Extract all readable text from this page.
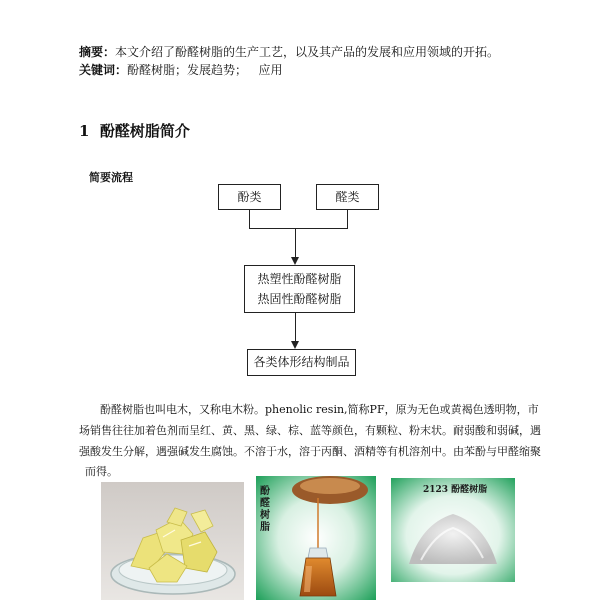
摘要：本文介绍了酚醛树脂的生产工艺，以及其产品的发展和应用领域的开拓。
关键词：酚醛树脂；发展趋势；   应用
1 酚醛树脂简介
简要流程
酚类	醛类
热塑性酚醛树脂
热固性酚醛树脂
各类体形结构制品
酚醛树脂也叫电木，又称电木粉。phenolic resin,简称PF，原为无色或黄褐色透明物，市
场销售往往加着色剂而呈红、黄、黑、绿、棕、蓝等颜色，有颗粒、粉末状。耐弱酸和弱碱，遇
强酸发生分解，遇强碱发生腐蚀。不溶于水，溶于丙酮、酒精等有机溶剂中。由苯酚与甲醛缩聚
而得。
酚醛树脂
2123 酚醛树脂
